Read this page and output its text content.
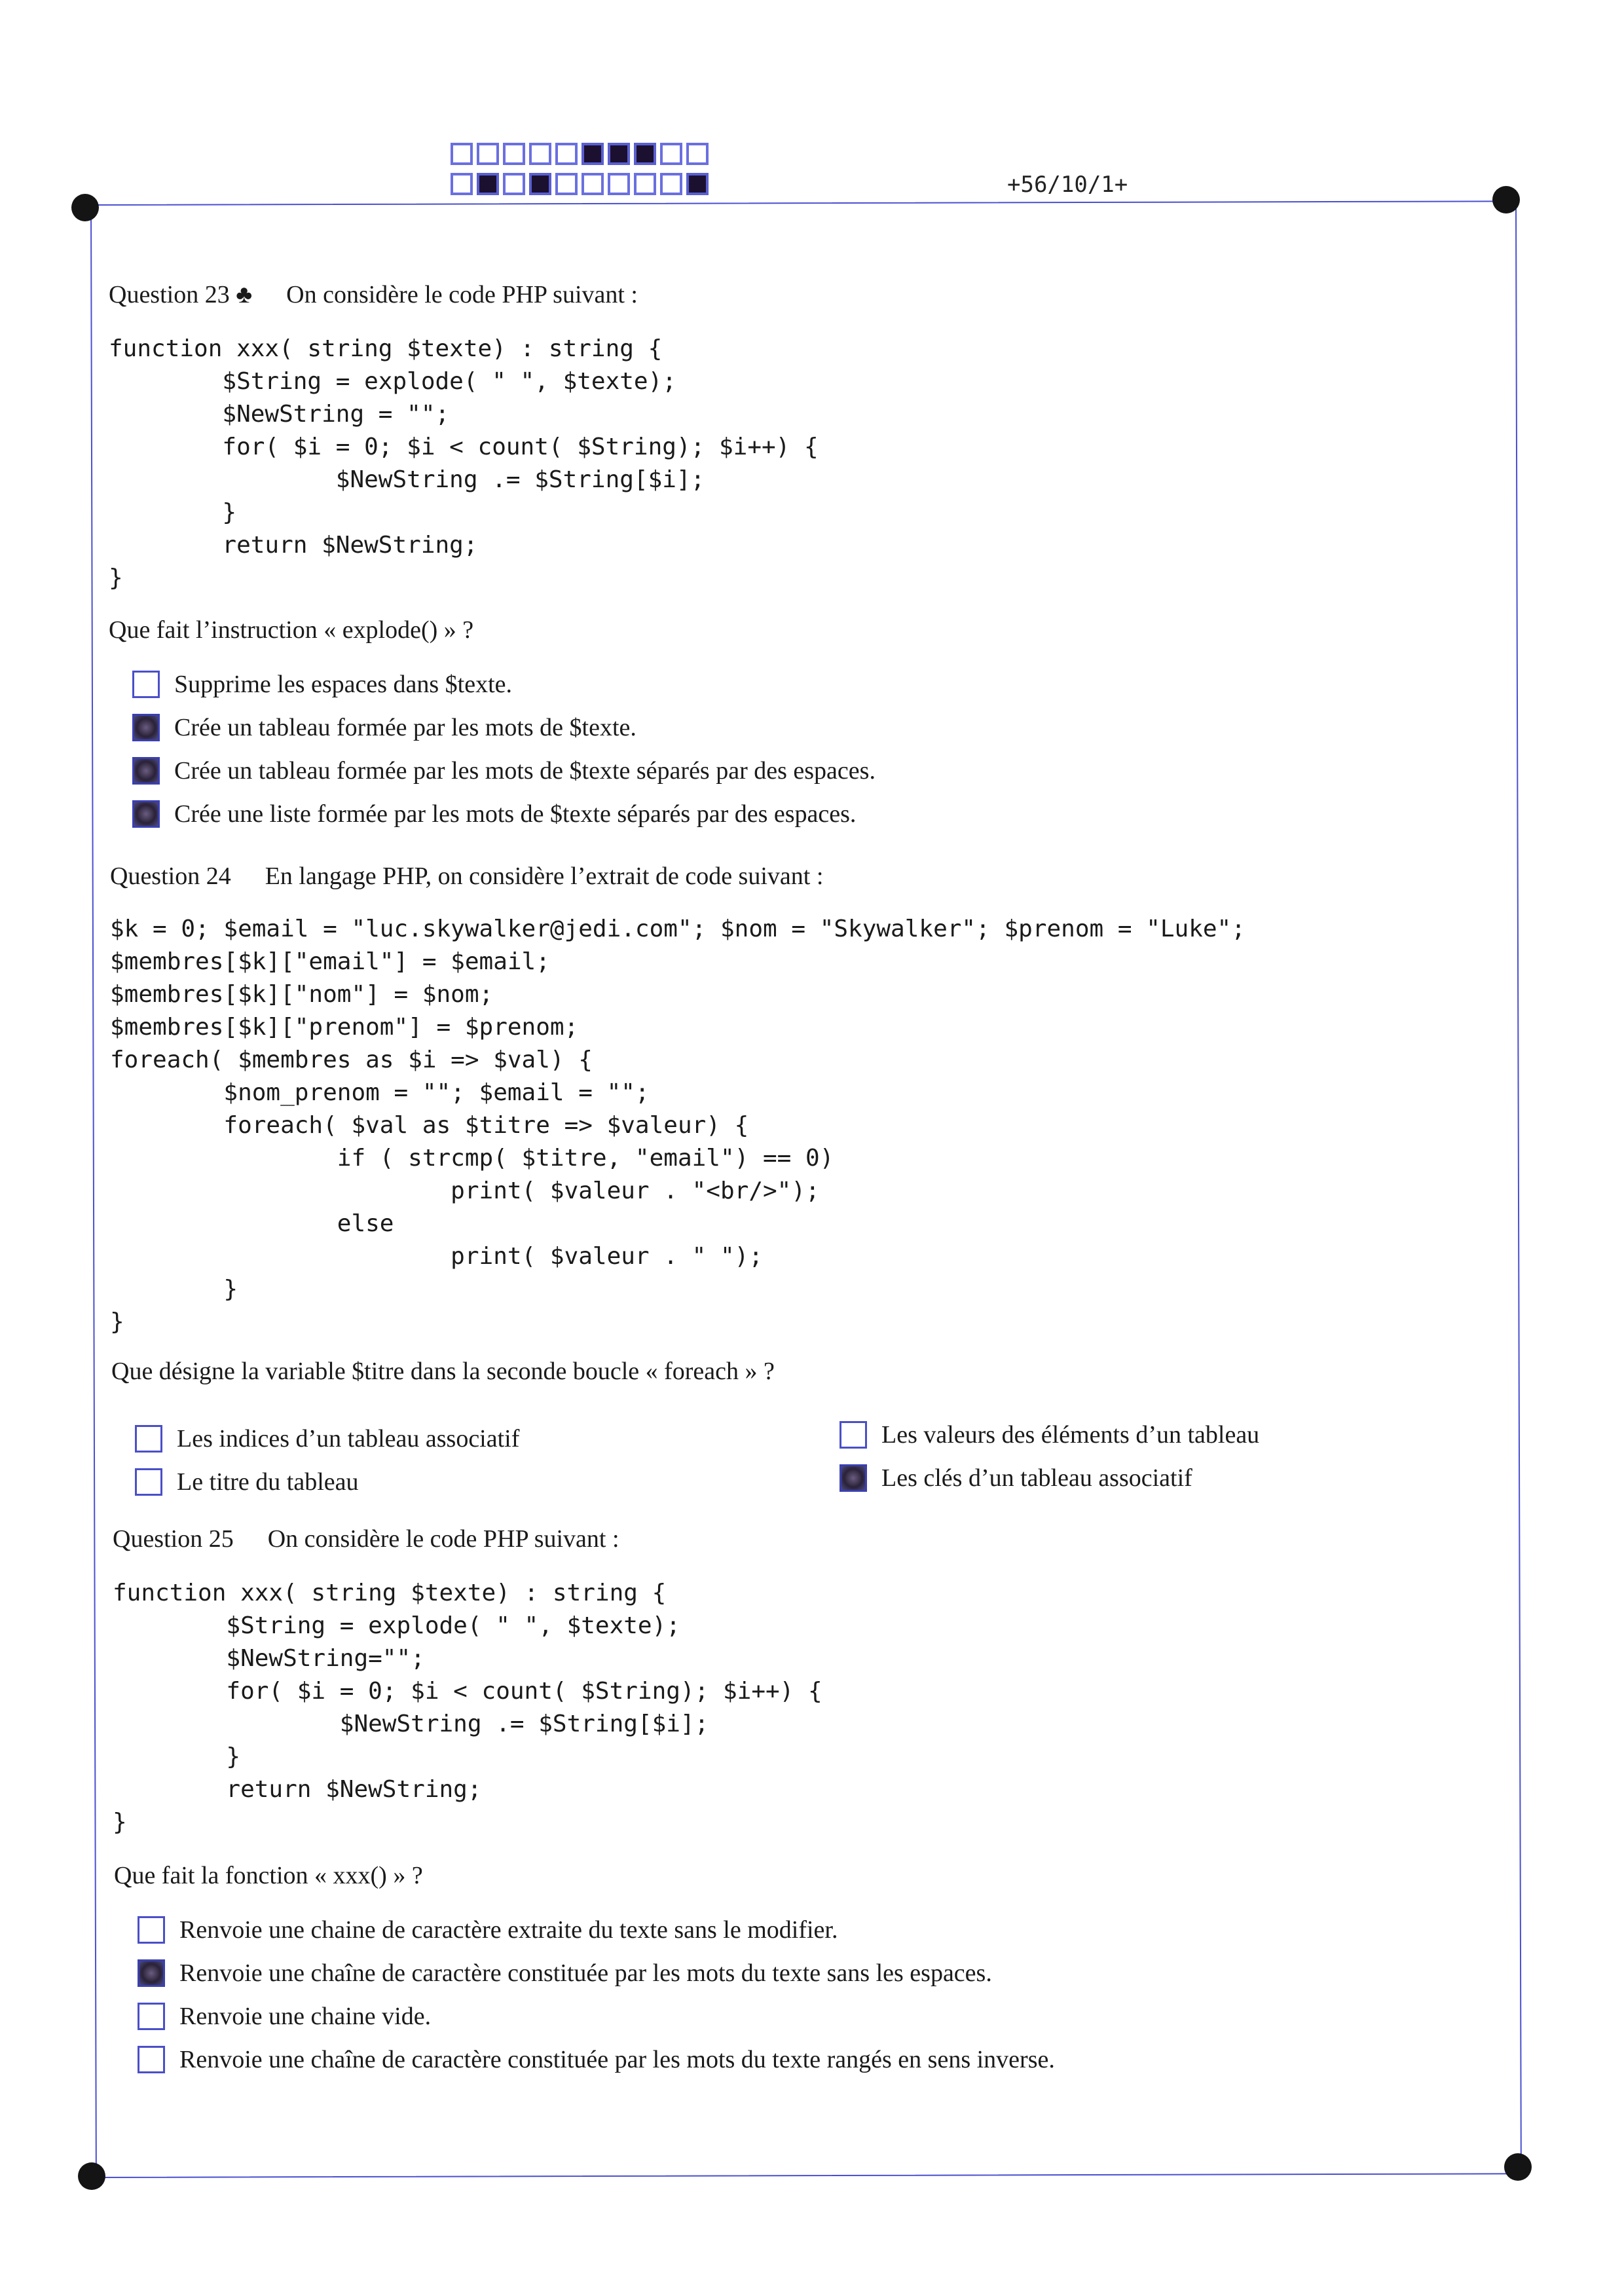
+56/10/1+
Question 23 ♣ On considère le code PHP suivant :
function xxx( string $texte) : string {
$String = explode( " ", $texte);
$NewString = "";
for( $i = 0; $i < count( $String); $i++) {
$NewString .= $String[$i];
}
return $NewString;
}
Que fait l’instruction « explode() » ?
Supprime les espaces dans $texte.
Crée un tableau formée par les mots de $texte.
Crée un tableau formée par les mots de $texte séparés par des espaces.
Crée une liste formée par les mots de $texte séparés par des espaces.
Question 24 En langage PHP, on considère l’extrait de code suivant :
$k = 0; $email = "luc.skywalker@jedi.com"; $nom = "Skywalker"; $prenom = "Luke";
$membres[$k]["email"] = $email;
$membres[$k]["nom"] = $nom;
$membres[$k]["prenom"] = $prenom;
foreach( $membres as $i => $val) {
$nom_prenom = ""; $email = "";
foreach( $val as $titre => $valeur) {
if ( strcmp( $titre, "email") == 0)
print( $valeur . "<br/>");
else
print( $valeur . " ");
}
}
Que désigne la variable $titre dans la seconde boucle « foreach » ?
Les indices d’un tableau associatif
Le titre du tableau
Les valeurs des éléments d’un tableau
Les clés d’un tableau associatif
Question 25 On considère le code PHP suivant :
function xxx( string $texte) : string {
$String = explode( " ", $texte);
$NewString="";
for( $i = 0; $i < count( $String); $i++) {
$NewString .= $String[$i];
}
return $NewString;
}
Que fait la fonction « xxx() » ?
Renvoie une chaine de caractère extraite du texte sans le modifier.
Renvoie une chaîne de caractère constituée par les mots du texte sans les espaces.
Renvoie une chaine vide.
Renvoie une chaîne de caractère constituée par les mots du texte rangés en sens inverse.
